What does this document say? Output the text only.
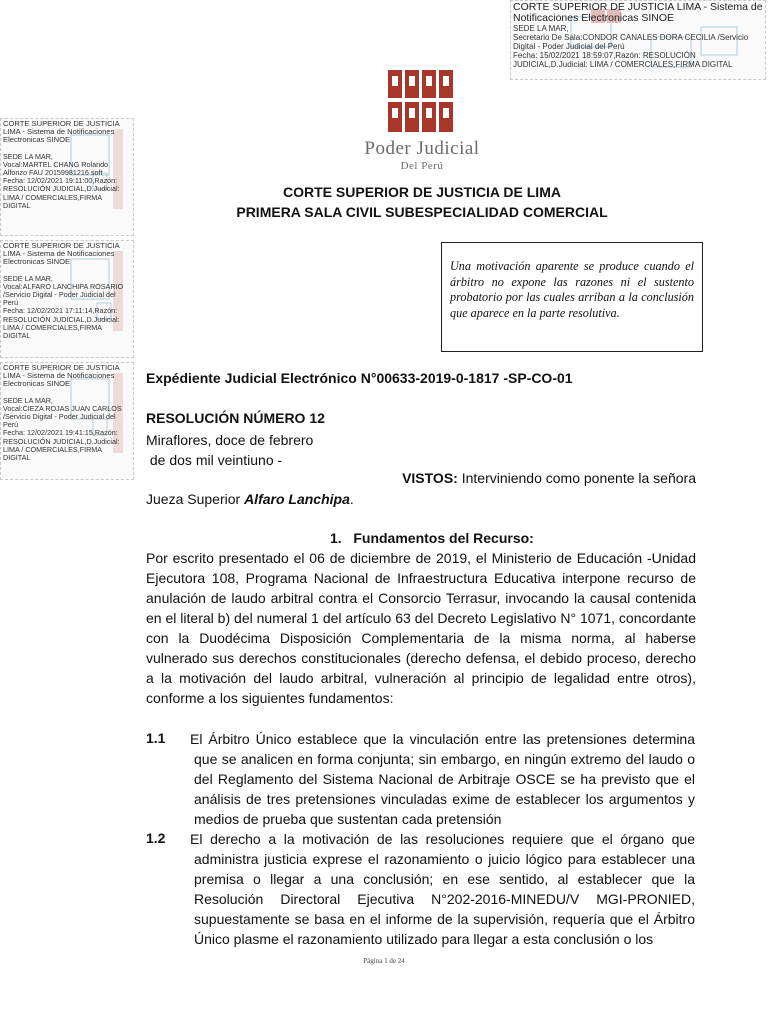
CORTE SUPERIOR DE JUSTICIA LIMA - Sistema de Notificaciones Electronicas SINOE
SEDE LA MAR,
Secretario De Sala:CONDOR CANALES DORA CECILIA /Servicio Digital - Poder Judicial del Perú
Fecha: 15/02/2021 18:59:07,Razón: RESOLUCIÓN JUDICIAL,D.Judicial: LIMA / COMERCIALES,FIRMA DIGITAL
CORTE SUPERIOR DE JUSTICIA LIMA - Sistema de Notificaciones Electronicas SINOE
SEDE LA MAR,
Vocal:MARTEL CHANG Rolando Alfonzo FAU 20159981216 soft
Fecha: 12/02/2021 19:11:00,Razón: RESOLUCIÓN JUDICIAL,D.Judicial: LIMA / COMERCIALES,FIRMA DIGITAL
CORTE SUPERIOR DE JUSTICIA LIMA - Sistema de Notificaciones Electronicas SINOE
SEDE LA MAR,
Vocal:ALFARO LANCHIPA ROSARIO /Servicio Digital - Poder Judicial del Perú
Fecha: 12/02/2021 17:11:14,Razón: RESOLUCIÓN JUDICIAL,D.Judicial: LIMA / COMERCIALES,FIRMA DIGITAL
CORTE SUPERIOR DE JUSTICIA LIMA - Sistema de Notificaciones Electronicas SINOE
SEDE LA MAR,
Vocal:CIEZA ROJAS JUAN CARLOS /Servicio Digital - Poder Judicial del Perú
Fecha: 12/02/2021 19:41:15,Razón: RESOLUCIÓN JUDICIAL,D.Judicial: LIMA / COMERCIALES,FIRMA DIGITAL
Poder Judicial
Del Perú
CORTE SUPERIOR DE JUSTICIA DE LIMA
PRIMERA SALA CIVIL SUBESPECIALIDAD COMERCIAL
Una motivación aparente se produce cuando el árbitro no expone las razones ni el sustento probatorio por las cuales arriban a la conclusión que aparece en la parte resolutiva.
Expédiente Judicial Electrónico N°00633-2019-0-1817 -SP-CO-01
RESOLUCIÓN NÚMERO 12
Miraflores, doce de febrero
de dos mil veintiuno -
VISTOS: Interviniendo como ponente la señora
Jueza Superior Alfaro Lanchipa.
1.   Fundamentos del Recurso:
Por escrito presentado el 06 de diciembre de 2019, el Ministerio de Educación -Unidad Ejecutora 108, Programa Nacional de Infraestructura Educativa interpone recurso de anulación de laudo arbitral contra el Consorcio Terrasur, invocando la causal contenida en el literal b) del numeral 1 del artículo 63 del Decreto Legislativo N° 1071, concordante con la Duodécima Disposición Complementaria de la misma norma, al haberse vulnerado sus derechos constitucionales (derecho defensa, el debido proceso, derecho a la motivación del laudo arbitral, vulneración al principio de legalidad entre otros), conforme a los siguientes fundamentos:
1.1 El Árbitro Único establece que la vinculación entre las pretensiones determina
que se analicen en forma conjunta; sin embargo, en ningún extremo del laudo o del Reglamento del Sistema Nacional de Arbitraje OSCE se ha previsto que el análisis de tres pretensiones vinculadas exime de establecer los argumentos y medios de prueba que sustentan cada pretensión
1.2 El derecho a la motivación de las resoluciones requiere que el órgano que
administra justicia exprese el razonamiento o juicio lógico para establecer una premisa o llegar a una conclusión; en ese sentido, al establecer que la Resolución Directoral Ejecutiva N°202-2016-MINEDU/V MGI-PRONIED, supuestamente se basa en el informe de la supervisión, requería que el Árbitro Único plasme el razonamiento utilizado para llegar a esta conclusión o los
Página 1 de 24
